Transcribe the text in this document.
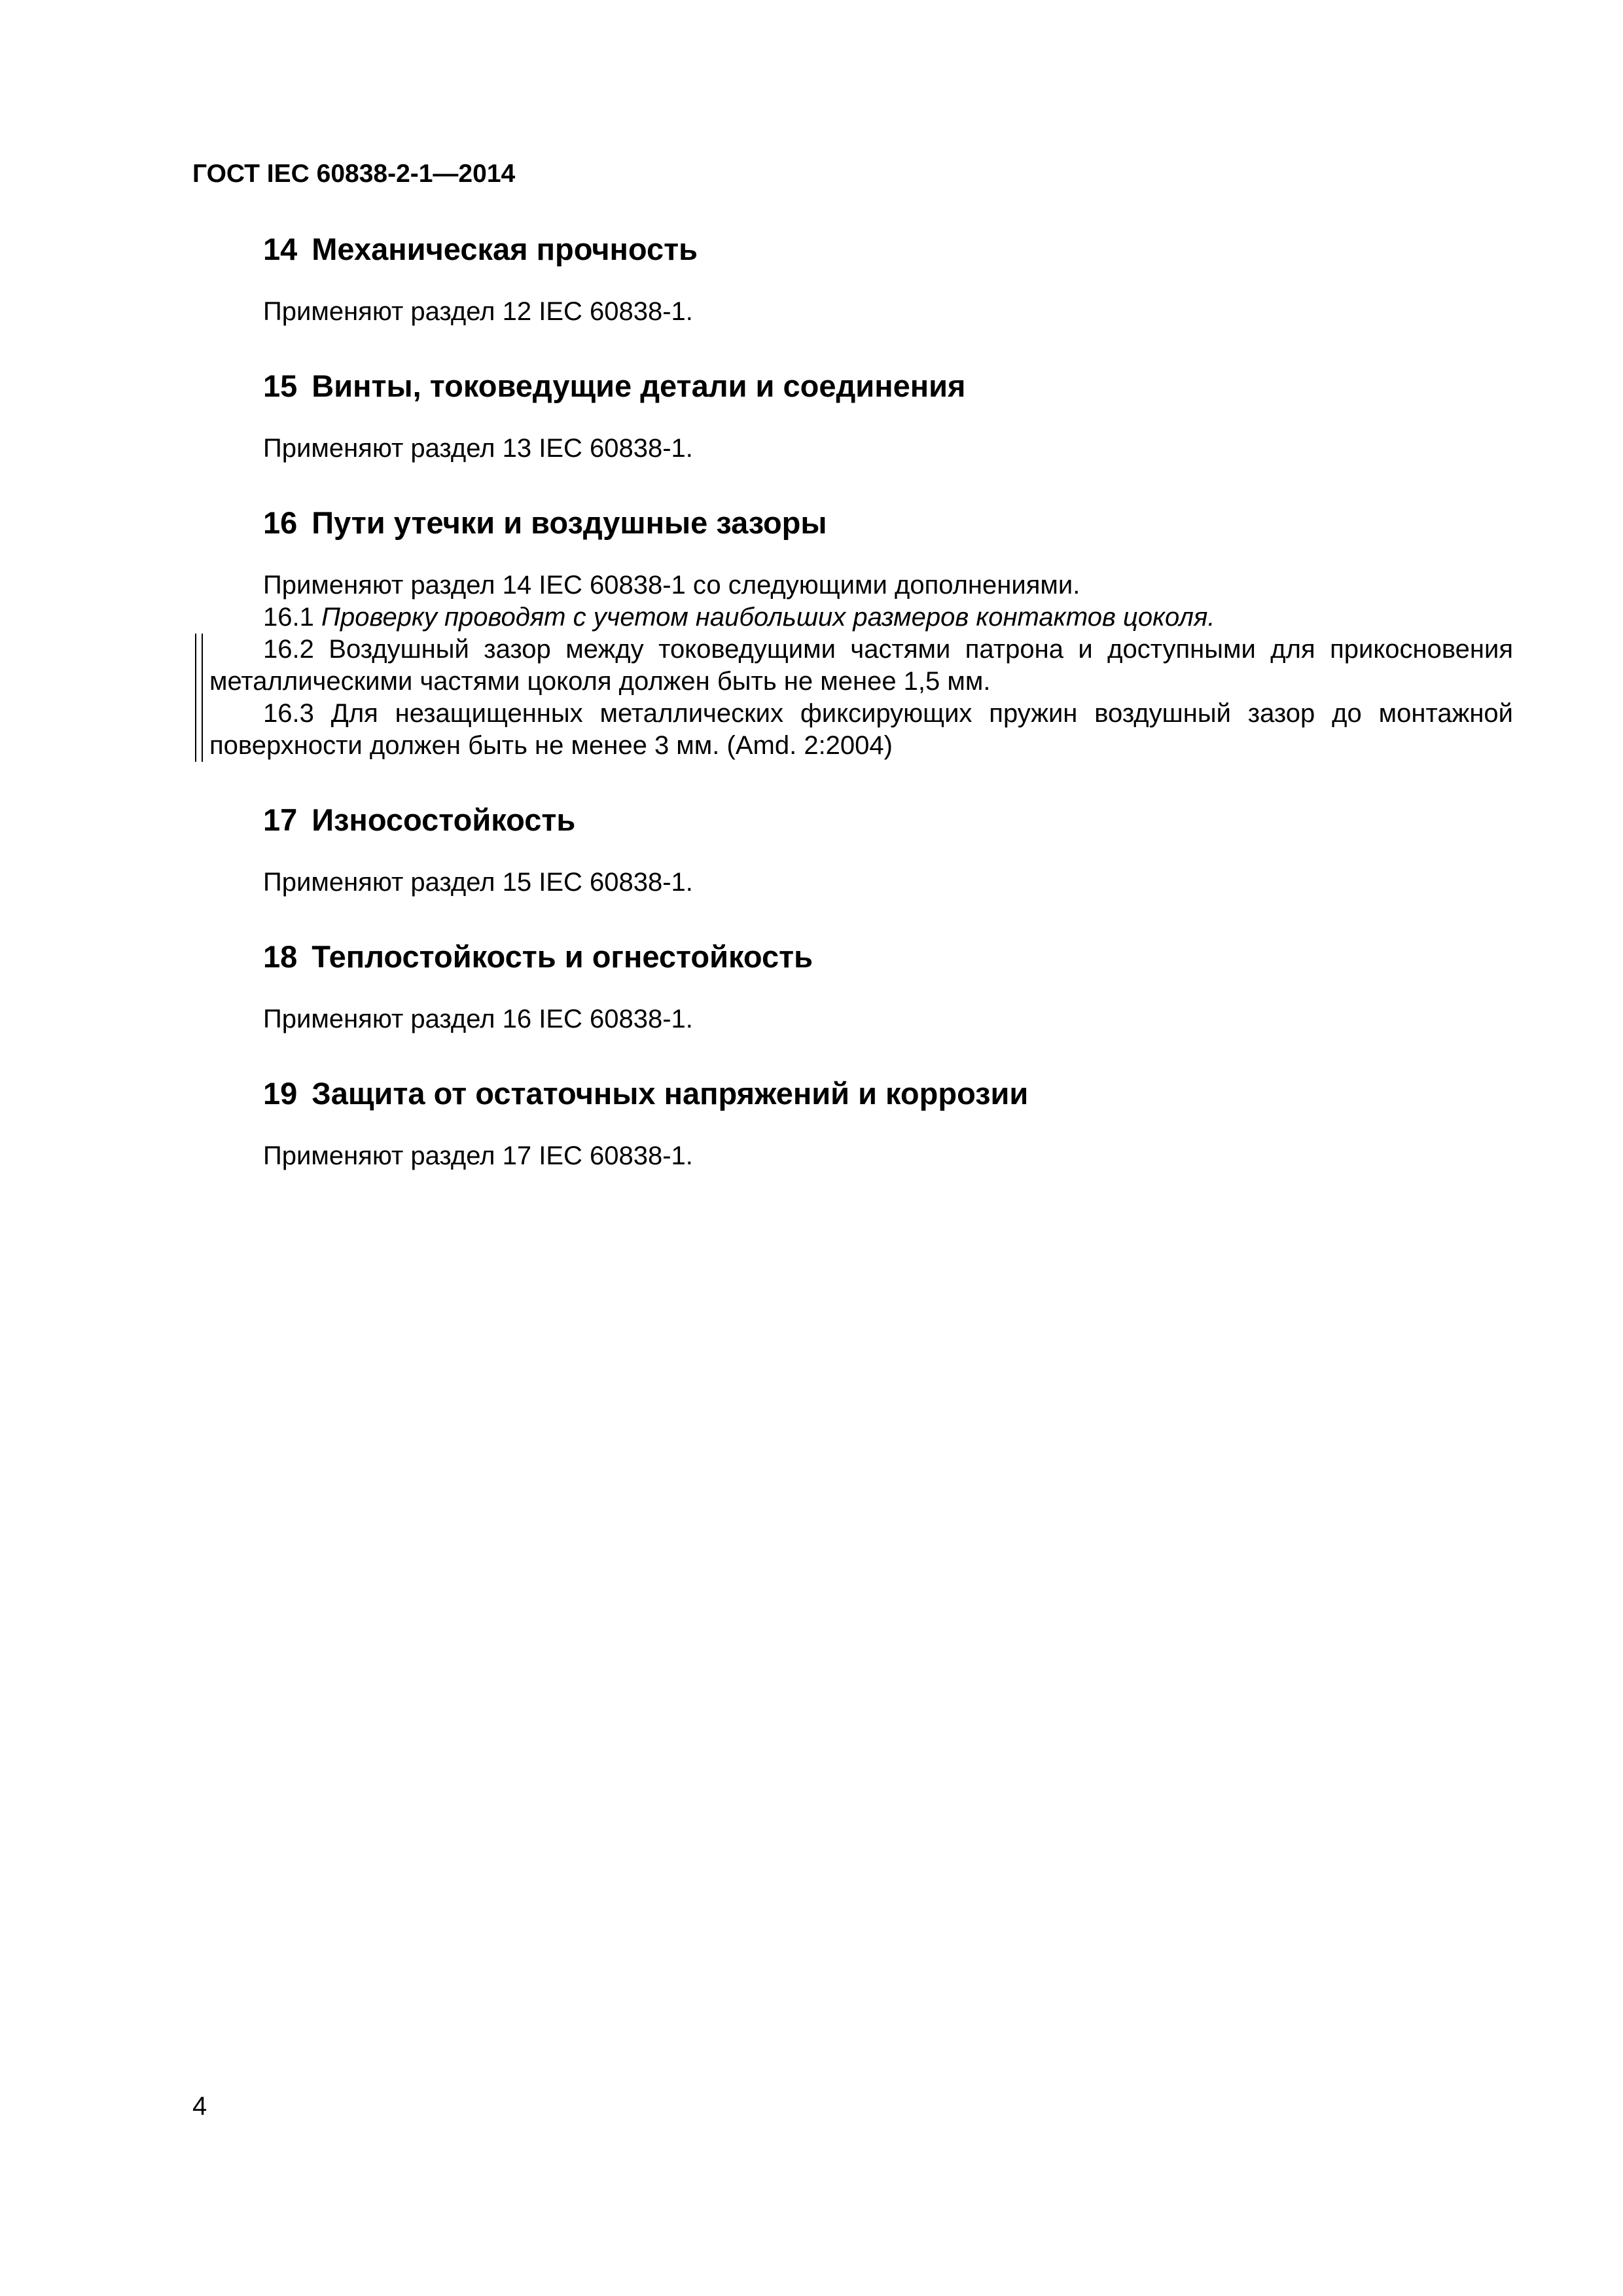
ГОСТ IEC 60838-2-1—2014

14 Механическая прочность

Применяют раздел 12 IEC 60838-1.

15 Винты, токоведущие детали и соединения

Применяют раздел 13 IEC 60838-1.

16 Пути утечки и воздушные зазоры

Применяют раздел 14 IEC 60838-1 со следующими дополнениями.

16.1 Проверку проводят с учетом наибольших размеров контактов цоколя.

16.2 Воздушный зазор между токоведущими частями патрона и доступными для прикосновения металлическими частями цоколя должен быть не менее 1,5 мм.

16.3 Для незащищенных металлических фиксирующих пружин воздушный зазор до монтажной поверхности должен быть не менее 3 мм. (Amd. 2:2004)

17 Износостойкость

Применяют раздел 15 IEC 60838-1.

18 Теплостойкость и огнестойкость

Применяют раздел 16 IEC 60838-1.

19 Защита от остаточных напряжений и коррозии

Применяют раздел 17 IEC 60838-1.

4
